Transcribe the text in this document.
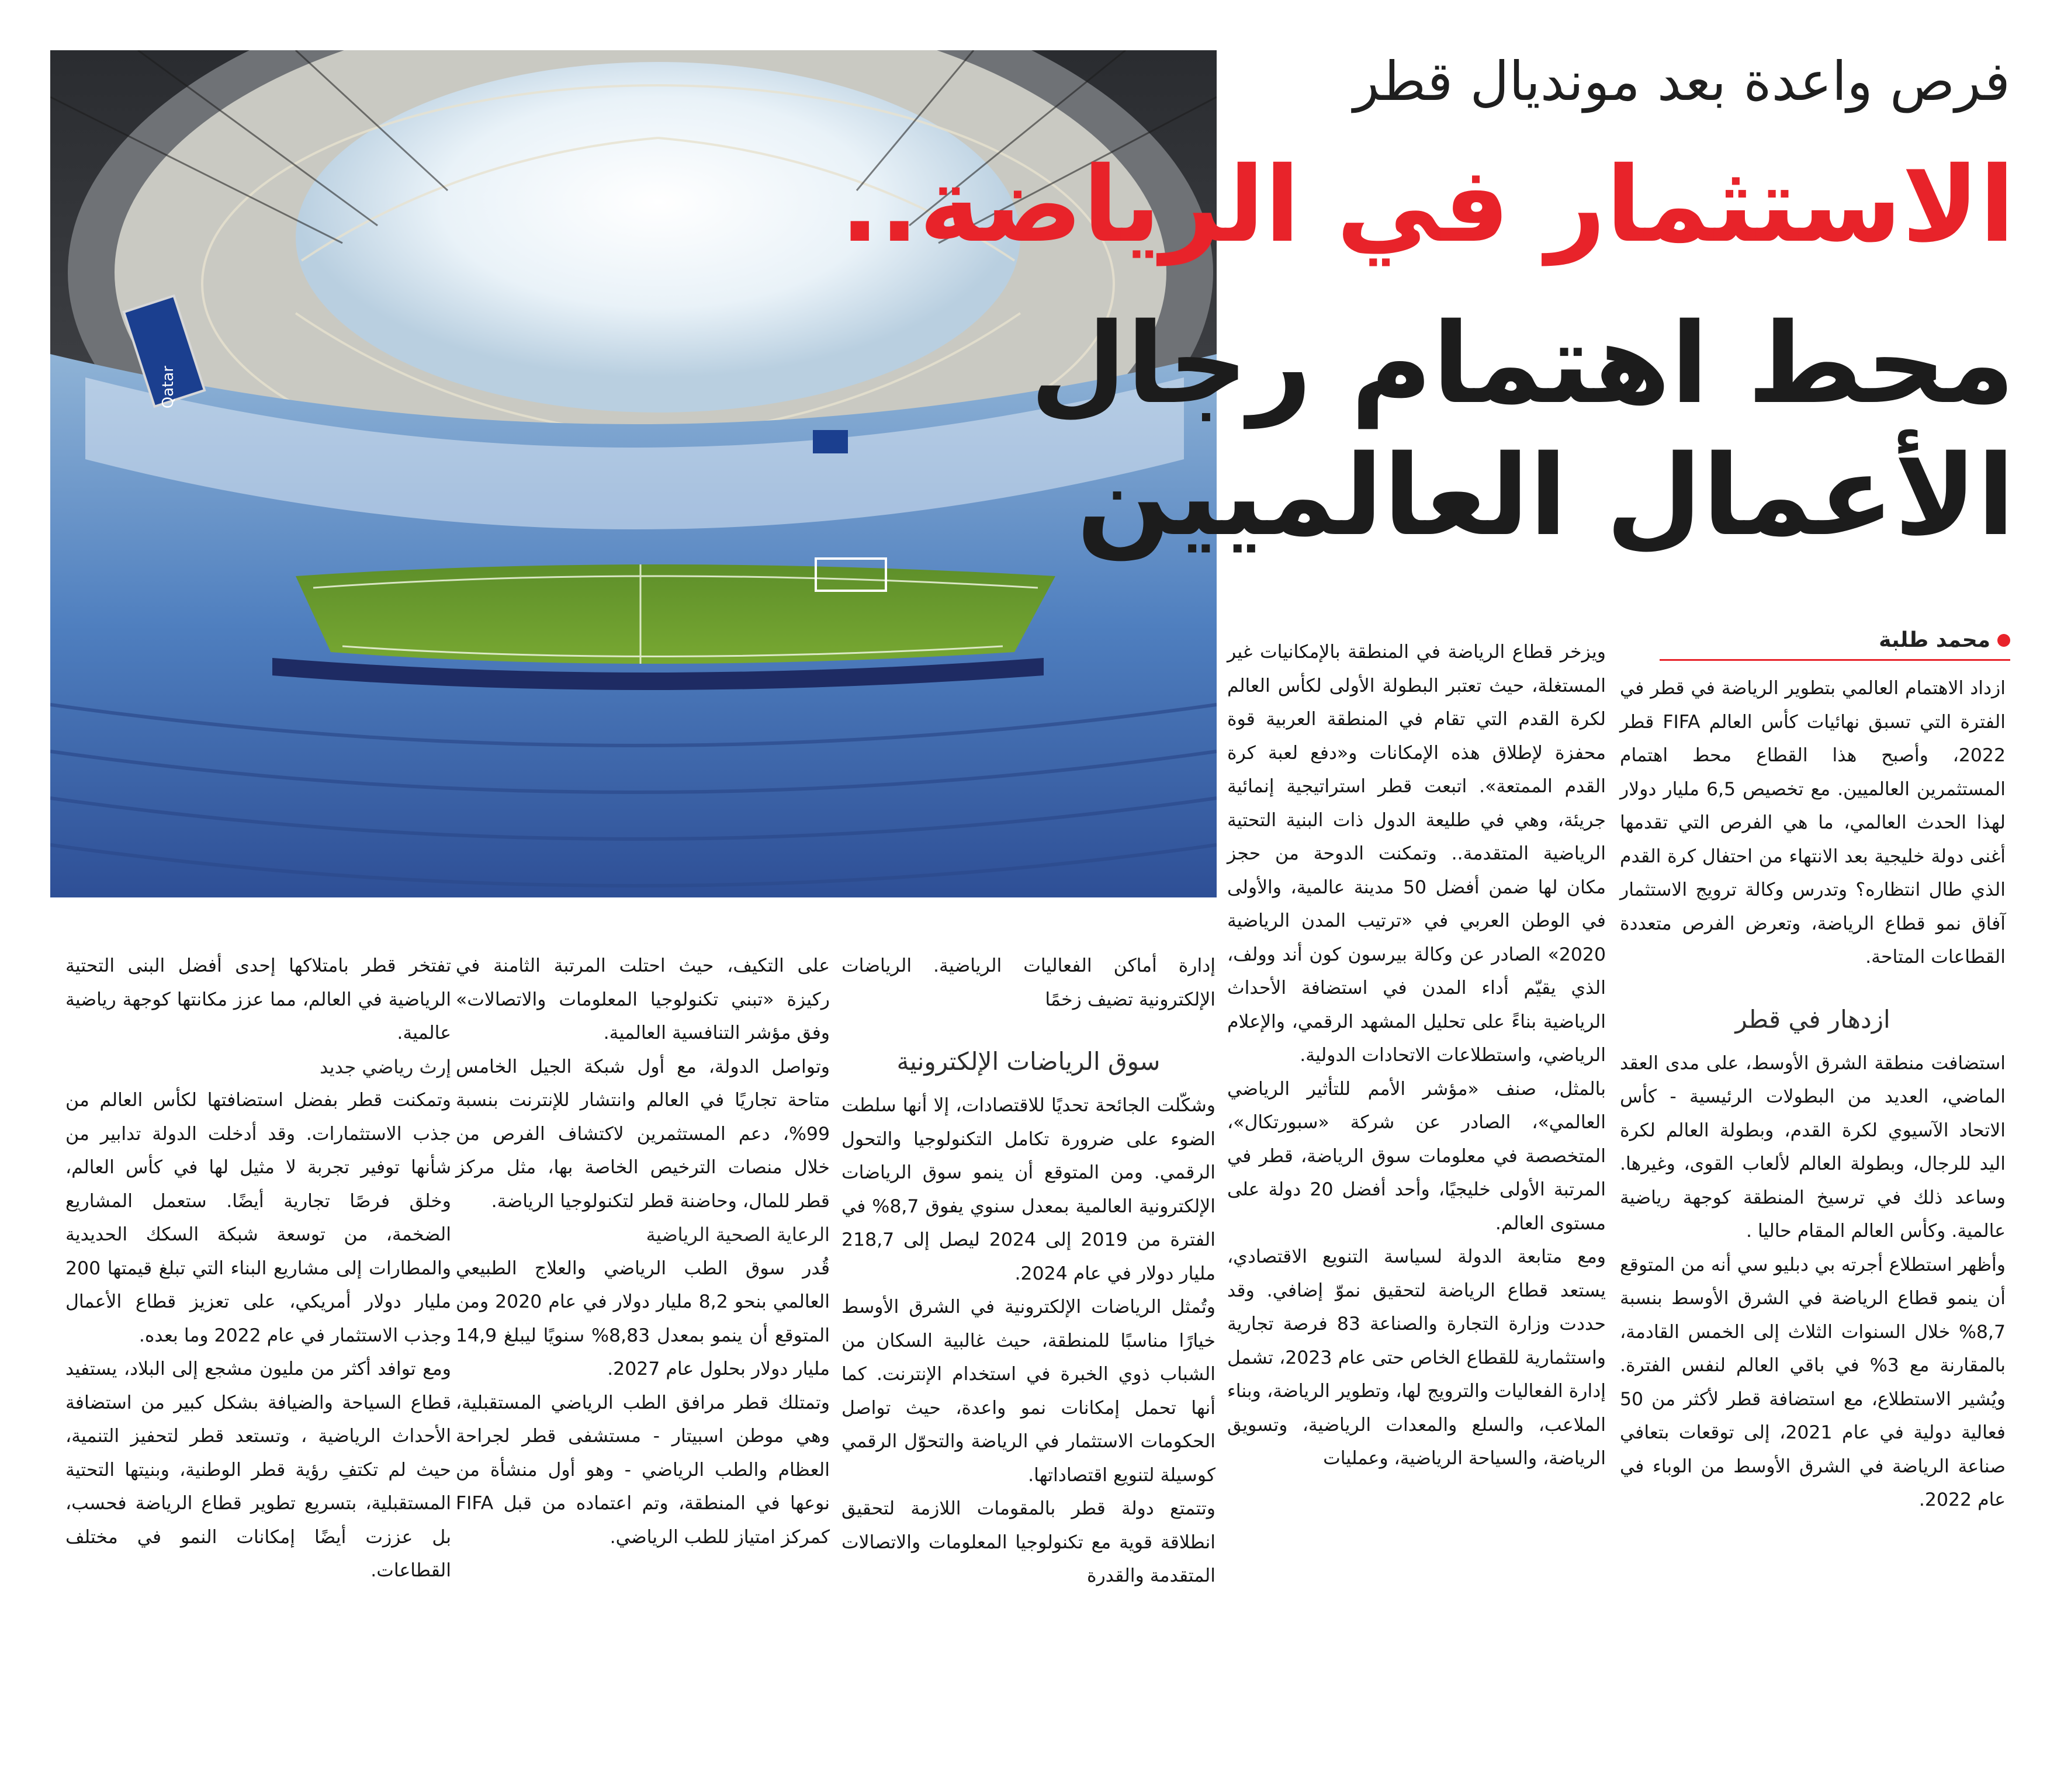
Qatar
فرص واعدة بعد مونديال قطر
الاستثمار في الرياضة..
محط اهتمام رجال
الأعمال العالميين
محمد طلبة

ازداد الاهتمام العالمي بتطوير الرياضة في قطر في الفترة التي تسبق نهائيات كأس العالم FIFA قطر 2022، وأصبح هذا القطاع محط اهتمام المستثمرين العالميين. مع تخصيص 6,5 مليار دولار لهذا الحدث العالمي، ما هي الفرص التي تقدمها أغنى دولة خليجية بعد الانتهاء من احتفال كرة القدم الذي طال انتظاره؟ وتدرس وكالة ترويج الاستثمار آفاق نمو قطاع الرياضة، وتعرض الفرص متعددة القطاعات المتاحة.

ازدهار في قطر

استضافت منطقة الشرق الأوسط، على مدى العقد الماضي، العديد من البطولات الرئيسية - كأس الاتحاد الآسيوي لكرة القدم، وبطولة العالم لكرة اليد للرجال، وبطولة العالم لألعاب القوى، وغيرها. وساعد ذلك في ترسيخ المنطقة كوجهة رياضية عالمية. وكأس العالم المقام حاليا .

وأظهر استطلاع أجرته بي دبليو سي أنه من المتوقع أن ينمو قطاع الرياضة في الشرق الأوسط بنسبة 8,7% خلال السنوات الثلاث إلى الخمس القادمة، بالمقارنة مع 3% في باقي العالم لنفس الفترة. ويُشير الاستطلاع، مع استضافة قطر لأكثر من 50 فعالية دولية في عام 2021، إلى توقعات بتعافي صناعة الرياضة في الشرق الأوسط من الوباء في عام 2022.

ويزخر قطاع الرياضة في المنطقة بالإمكانيات غير المستغلة، حيث تعتبر البطولة الأولى لكأس العالم لكرة القدم التي تقام في المنطقة العربية قوة محفزة لإطلاق هذه الإمكانات و«دفع لعبة كرة القدم الممتعة». اتبعت قطر استراتيجية إنمائية جريئة، وهي في طليعة الدول ذات البنية التحتية الرياضية المتقدمة.. وتمكنت الدوحة من حجز مكان لها ضمن أفضل 50 مدينة عالمية، والأولى في الوطن العربي في «ترتيب المدن الرياضية 2020» الصادر عن وكالة بيرسون كون أند وولف، الذي يقيّم أداء المدن في استضافة الأحداث الرياضية بناءً على تحليل المشهد الرقمي، والإعلام الرياضي، واستطلاعات الاتحادات الدولية.

بالمثل، صنف «مؤشر الأمم للتأثير الرياضي العالمي»، الصادر عن شركة «سبورتكال»، المتخصصة في معلومات سوق الرياضة، قطر في المرتبة الأولى خليجيًا، وأحد أفضل 20 دولة على مستوى العالم.

ومع متابعة الدولة لسياسة التنويع الاقتصادي، يستعد قطاع الرياضة لتحقيق نموّ إضافي. وقد حددت وزارة التجارة والصناعة 83 فرصة تجارية واستثمارية للقطاع الخاص حتى عام 2023، تشمل إدارة الفعاليات والترويج لها، وتطوير الرياضة، وبناء الملاعب، والسلع والمعدات الرياضية، وتسويق الرياضة، والسياحة الرياضية، وعمليات

إدارة أماكن الفعاليات الرياضية. الرياضات الإلكترونية تضيف زخمًا

سوق الرياضات الإلكترونية

وشكّلت الجائحة تحديًا للاقتصادات، إلا أنها سلطت الضوء على ضرورة تكامل التكنولوجيا والتحول الرقمي. ومن المتوقع أن ينمو سوق الرياضات الإلكترونية العالمية بمعدل سنوي يفوق 8,7% في الفترة من 2019 إلى 2024 ليصل إلى 218,7 مليار دولار في عام 2024.

وتُمثل الرياضات الإلكترونية في الشرق الأوسط خيارًا مناسبًا للمنطقة، حيث غالبية السكان من الشباب ذوي الخبرة في استخدام الإنترنت. كما أنها تحمل إمكانات نمو واعدة، حيث تواصل الحكومات الاستثمار في الرياضة والتحوّل الرقمي كوسيلة لتنويع اقتصاداتها.

وتتمتع دولة قطر بالمقومات اللازمة لتحقيق انطلاقة قوية مع تكنولوجيا المعلومات والاتصالات المتقدمة والقدرة

على التكيف، حيث احتلت المرتبة الثامنة في ركيزة «تبني تكنولوجيا المعلومات والاتصالات» وفق مؤشر التنافسية العالمية.

وتواصل الدولة، مع أول شبكة الجيل الخامس متاحة تجاريًا في العالم وانتشار للإنترنت بنسبة 99%، دعم المستثمرين لاكتشاف الفرص من خلال منصات الترخيص الخاصة بها، مثل مركز قطر للمال، وحاضنة قطر لتكنولوجيا الرياضة.

الرعاية الصحية الرياضية

قُدر سوق الطب الرياضي والعلاج الطبيعي العالمي بنحو 8,2 مليار دولار في عام 2020 ومن المتوقع أن ينمو بمعدل 8,83% سنويًا ليبلغ 14,9 مليار دولار بحلول عام 2027.

وتمتلك قطر مرافق الطب الرياضي المستقبلية، وهي موطن اسبيتار - مستشفى قطر لجراحة العظام والطب الرياضي - وهو أول منشأة من نوعها في المنطقة، وتم اعتماده من قبل FIFA كمركز امتياز للطب الرياضي.

تفتخر قطر بامتلاكها إحدى أفضل البنى التحتية الرياضية في العالم، مما عزز مكانتها كوجهة رياضية عالمية.

إرث رياضي جديد

وتمكنت قطر بفضل استضافتها لكأس العالم من جذب الاستثمارات. وقد أدخلت الدولة تدابير من شأنها توفير تجربة لا مثيل لها في كأس العالم، وخلق فرصًا تجارية أيضًا. ستعمل المشاريع الضخمة، من توسعة شبكة السكك الحديدية والمطارات إلى مشاريع البناء التي تبلغ قيمتها 200 مليار دولار أمريكي، على تعزيز قطاع الأعمال وجذب الاستثمار في عام 2022 وما بعده.

ومع توافد أكثر من مليون مشجع إلى البلاد، يستفيد قطاع السياحة والضيافة بشكل كبير من استضافة الأحداث الرياضية ، وتستعد قطر لتحفيز التنمية، حيث لم تكتفِ رؤية قطر الوطنية، وبنيتها التحتية المستقبلية، بتسريع تطوير قطاع الرياضة فحسب، بل عززت أيضًا إمكانات النمو في مختلف القطاعات.
